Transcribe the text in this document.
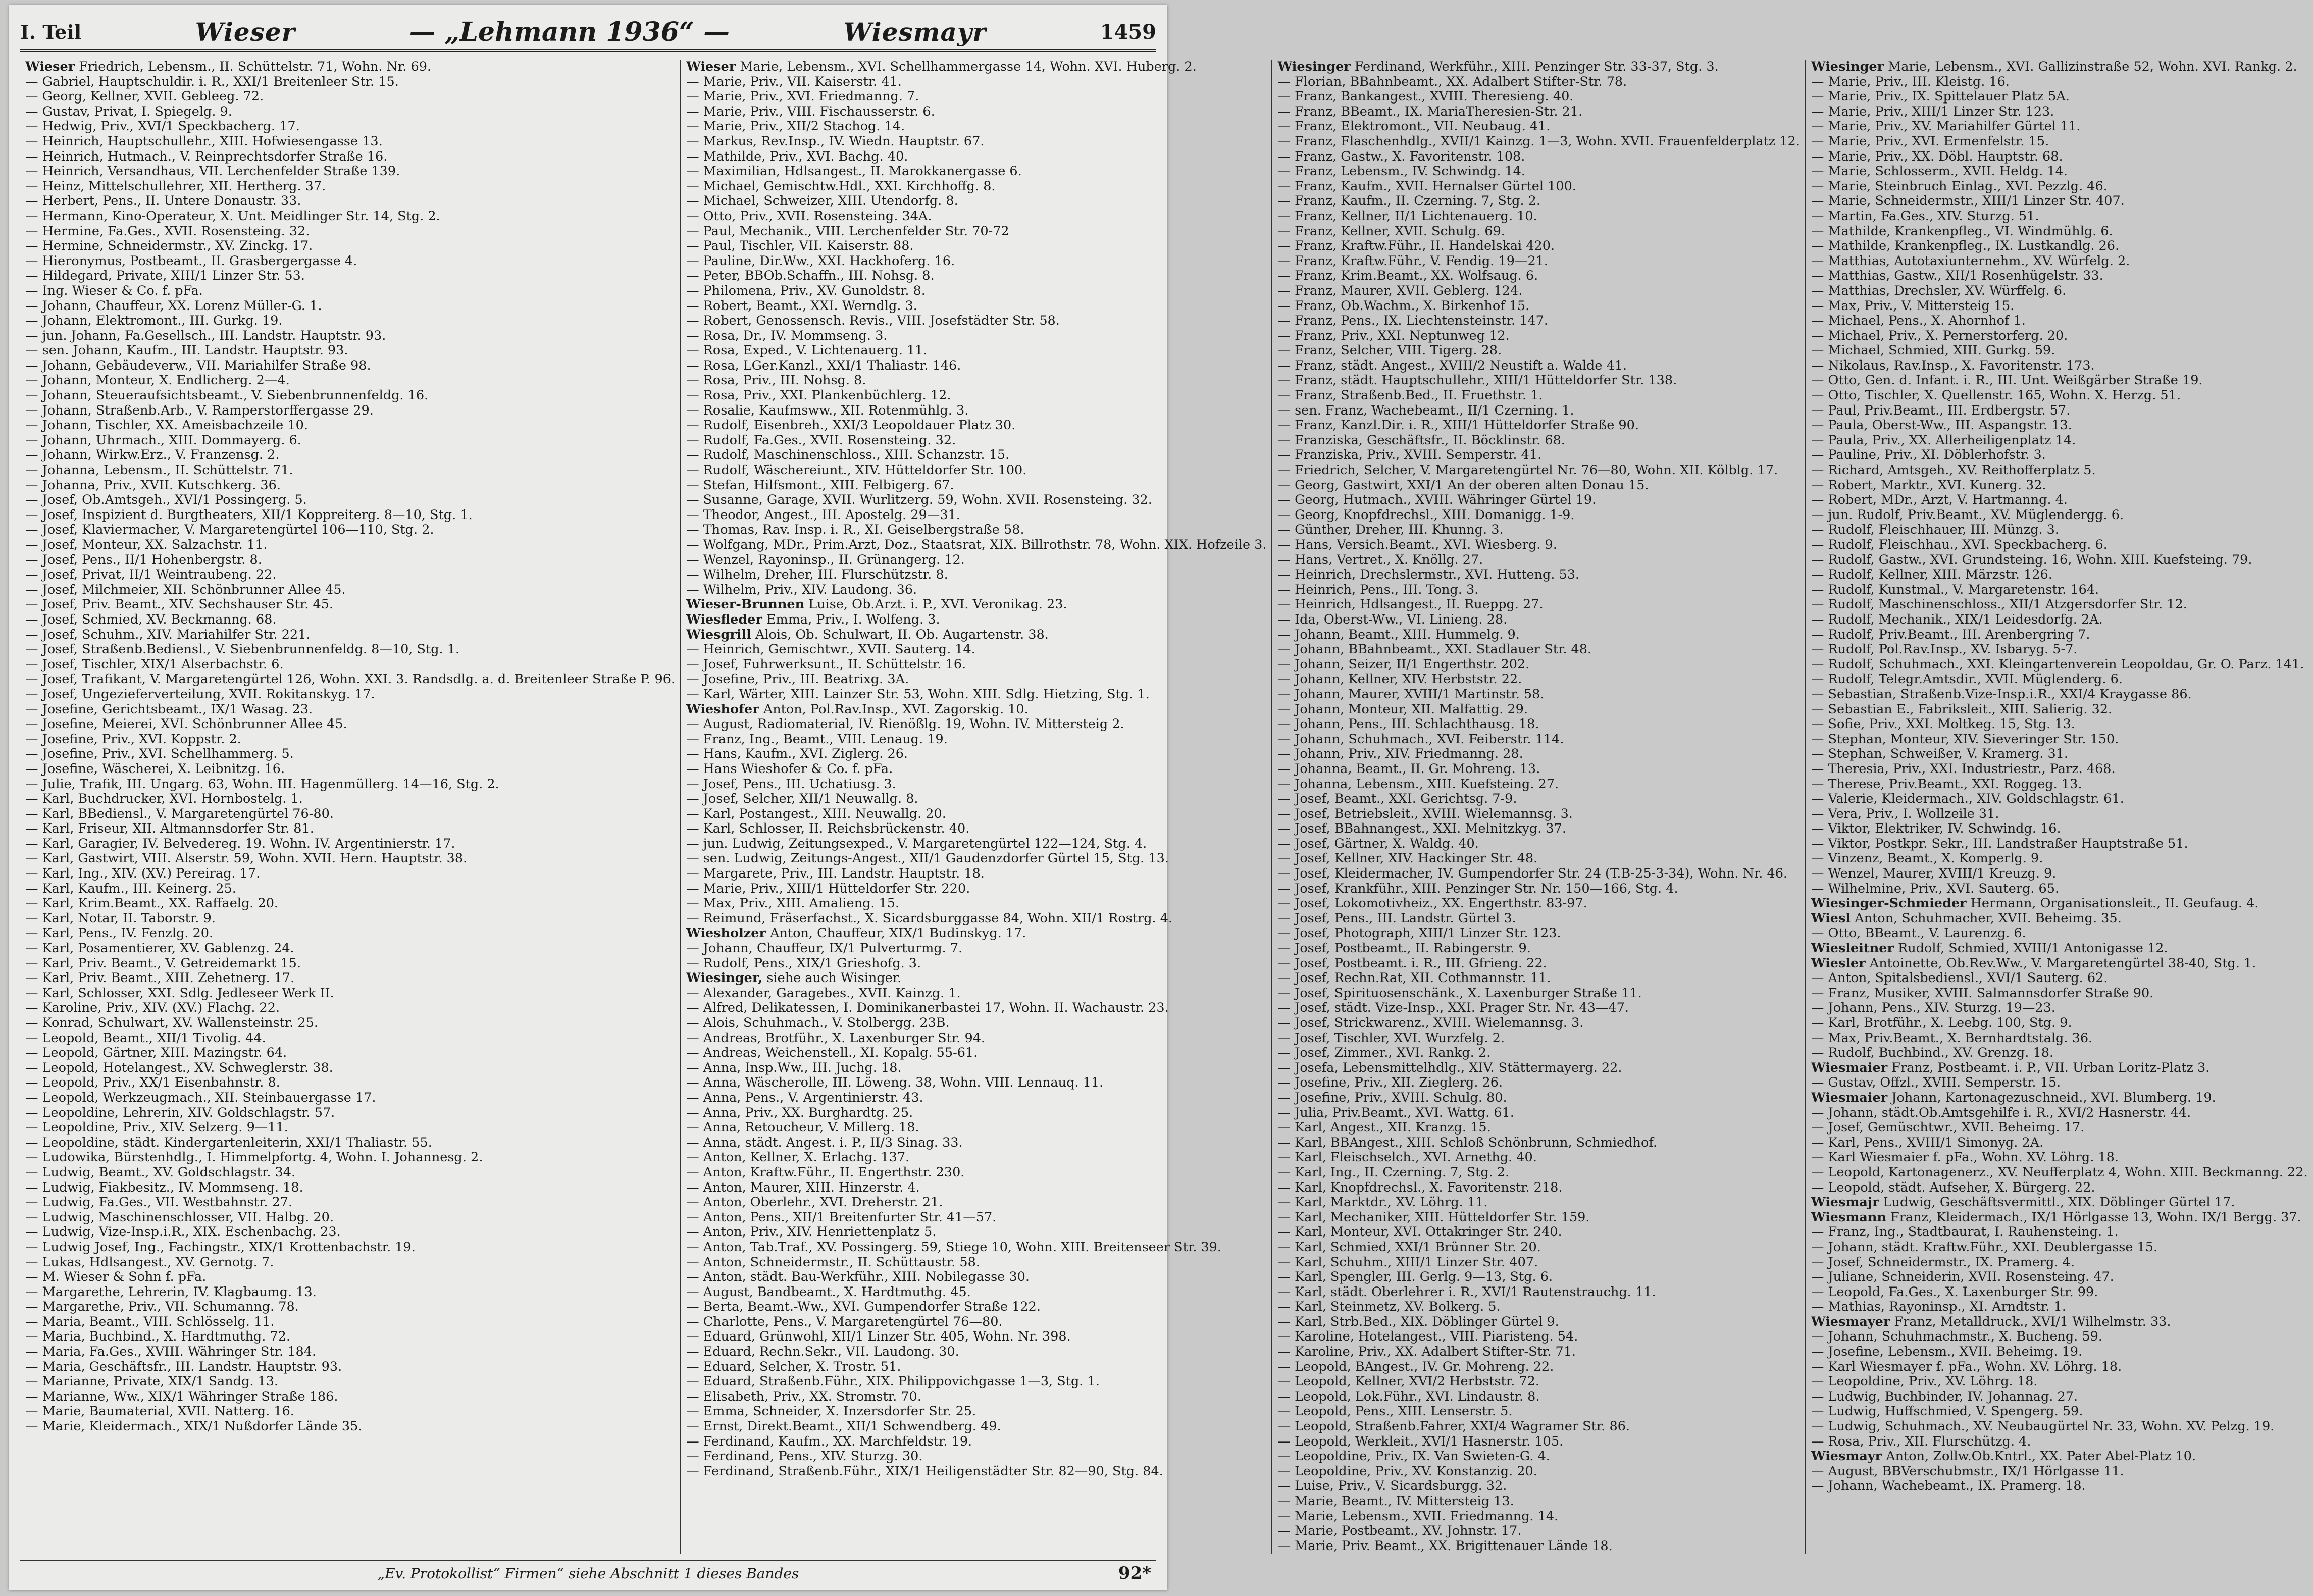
I. Teil	Wieser	— „Lehmann 1936“ —	Wiesmayr	1459

Wieser Friedrich, Lebensm., II. Schüttelstr. 71, Wohn. Nr. 69.

— Gabriel, Hauptschuldir. i. R., XXI/1 Breitenleer Str. 15.

— Georg, Kellner, XVII. Gebleeg. 72.

— Gustav, Privat, I. Spiegelg. 9.

— Hedwig, Priv., XVI/1 Speckbacherg. 17.

— Heinrich, Hauptschullehr., XIII. Hofwiesengasse 13.

— Heinrich, Hutmach., V. Reinprechtsdorfer Straße 16.

— Heinrich, Versandhaus, VII. Lerchenfelder Straße 139.

— Heinz, Mittelschullehrer, XII. Hertherg. 37.

— Herbert, Pens., II. Untere Donaustr. 33.

— Hermann, Kino-Operateur, X. Unt. Meidlinger Str. 14, Stg. 2.

— Hermine, Fa.Ges., XVII. Rosensteing. 32.

— Hermine, Schneidermstr., XV. Zinckg. 17.

— Hieronymus, Postbeamt., II. Grasbergergasse 4.

— Hildegard, Private, XIII/1 Linzer Str. 53.

— Ing. Wieser & Co. f. pFa.

— Johann, Chauffeur, XX. Lorenz Müller-G. 1.

— Johann, Elektromont., III. Gurkg. 19.

— jun. Johann, Fa.Gesellsch., III. Landstr. Hauptstr. 93.

— sen. Johann, Kaufm., III. Landstr. Hauptstr. 93.

— Johann, Gebäudeverw., VII. Mariahilfer Straße 98.

— Johann, Monteur, X. Endlicherg. 2—4.

— Johann, Steueraufsichtsbeamt., V. Siebenbrunnenfeldg. 16.

— Johann, Straßenb.Arb., V. Ramperstorffergasse 29.

— Johann, Tischler, XX. Ameisbachzeile 10.

— Johann, Uhrmach., XIII. Dommayerg. 6.

— Johann, Wirkw.Erz., V. Franzensg. 2.

— Johanna, Lebensm., II. Schüttelstr. 71.

— Johanna, Priv., XVII. Kutschkerg. 36.

— Josef, Ob.Amtsgeh., XVI/1 Possingerg. 5.

— Josef, Inspizient d. Burgtheaters, XII/1 Koppreiterg. 8—10, Stg. 1.

— Josef, Klaviermacher, V. Margaretengürtel 106—110, Stg. 2.

— Josef, Monteur, XX. Salzachstr. 11.

— Josef, Pens., II/1 Hohenbergstr. 8.

— Josef, Privat, II/1 Weintraubeng. 22.

— Josef, Milchmeier, XII. Schönbrunner Allee 45.

— Josef, Priv. Beamt., XIV. Sechshauser Str. 45.

— Josef, Schmied, XV. Beckmanng. 68.

— Josef, Schuhm., XIV. Mariahilfer Str. 221.

— Josef, Straßenb.Bediensl., V. Siebenbrunnenfeldg. 8—10, Stg. 1.

— Josef, Tischler, XIX/1 Alserbachstr. 6.

— Josef, Trafikant, V. Margaretengürtel 126, Wohn. XXI. 3. Randsdlg. a. d. Breitenleer Straße P. 96.

— Josef, Ungezieferverteilung, XVII. Rokitanskyg. 17.

— Josefine, Gerichtsbeamt., IX/1 Wasag. 23.

— Josefine, Meierei, XVI. Schönbrunner Allee 45.

— Josefine, Priv., XVI. Koppstr. 2.

— Josefine, Priv., XVI. Schellhammerg. 5.

— Josefine, Wäscherei, X. Leibnitzg. 16.

— Julie, Trafik, III. Ungarg. 63, Wohn. III. Hagenmüllerg. 14—16, Stg. 2.

— Karl, Buchdrucker, XVI. Hornbostelg. 1.

— Karl, BBediensl., V. Margaretengürtel 76-80.

— Karl, Friseur, XII. Altmannsdorfer Str. 81.

— Karl, Garagier, IV. Belvedereg. 19. Wohn. IV. Argentinierstr. 17.

— Karl, Gastwirt, VIII. Alserstr. 59, Wohn. XVII. Hern. Hauptstr. 38.

— Karl, Ing., XIV. (XV.) Pereirag. 17.

— Karl, Kaufm., III. Keinerg. 25.

— Karl, Krim.Beamt., XX. Raffaelg. 20.

— Karl, Notar, II. Taborstr. 9.

— Karl, Pens., IV. Fenzlg. 20.

— Karl, Posamentierer, XV. Gablenzg. 24.

— Karl, Priv. Beamt., V. Getreidemarkt 15.

— Karl, Priv. Beamt., XIII. Zehetnerg. 17.

— Karl, Schlosser, XXI. Sdlg. Jedleseer Werk II.

— Karoline, Priv., XIV. (XV.) Flachg. 22.

— Konrad, Schulwart, XV. Wallensteinstr. 25.

— Leopold, Beamt., XII/1 Tivolig. 44.

— Leopold, Gärtner, XIII. Mazingstr. 64.

— Leopold, Hotelangest., XV. Schweglerstr. 38.

— Leopold, Priv., XX/1 Eisenbahnstr. 8.

— Leopold, Werkzeugmach., XII. Steinbauergasse 17.

— Leopoldine, Lehrerin, XIV. Goldschlagstr. 57.

— Leopoldine, Priv., XIV. Selzerg. 9—11.

— Leopoldine, städt. Kindergartenleiterin, XXI/1 Thaliastr. 55.

— Ludowika, Bürstenhdlg., I. Himmelpfortg. 4, Wohn. I. Johannesg. 2.

— Ludwig, Beamt., XV. Goldschlagstr. 34.

— Ludwig, Fiakbesitz., IV. Mommseng. 18.

— Ludwig, Fa.Ges., VII. Westbahnstr. 27.

— Ludwig, Maschinenschlosser, VII. Halbg. 20.

— Ludwig, Vize-Insp.i.R., XIX. Eschenbachg. 23.

— Ludwig Josef, Ing., Fachingstr., XIX/1 Krottenbachstr. 19.

— Lukas, Hdlsangest., XV. Gernotg. 7.

— M. Wieser & Sohn f. pFa.

— Margarethe, Lehrerin, IV. Klagbaumg. 13.

— Margarethe, Priv., VII. Schumanng. 78.

— Maria, Beamt., VIII. Schlösselg. 11.

— Maria, Buchbind., X. Hardtmuthg. 72.

— Maria, Fa.Ges., XVIII. Währinger Str. 184.

— Maria, Geschäftsfr., III. Landstr. Hauptstr. 93.

— Marianne, Private, XIX/1 Sandg. 13.

— Marianne, Ww., XIX/1 Währinger Straße 186.

— Marie, Baumaterial, XVII. Natterg. 16.

— Marie, Kleidermach., XIX/1 Nußdorfer Lände 35.

Wieser Marie, Lebensm., XVI. Schellhammergasse 14, Wohn. XVI. Huberg. 2.

— Marie, Priv., VII. Kaiserstr. 41.

— Marie, Priv., XVI. Friedmanng. 7.

— Marie, Priv., VIII. Fischausserstr. 6.

— Marie, Priv., XII/2 Stachog. 14.

— Markus, Rev.Insp., IV. Wiedn. Hauptstr. 67.

— Mathilde, Priv., XVI. Bachg. 40.

— Maximilian, Hdlsangest., II. Marokkanergasse 6.

— Michael, Gemischtw.Hdl., XXI. Kirchhoffg. 8.

— Michael, Schweizer, XIII. Utendorfg. 8.

— Otto, Priv., XVII. Rosensteing. 34A.

— Paul, Mechanik., VIII. Lerchenfelder Str. 70-72

— Paul, Tischler, VII. Kaiserstr. 88.

— Pauline, Dir.Ww., XXI. Hackhoferg. 16.

— Peter, BBOb.Schaffn., III. Nohsg. 8.

— Philomena, Priv., XV. Gunoldstr. 8.

— Robert, Beamt., XXI. Werndlg. 3.

— Robert, Genossensch. Revis., VIII. Josefstädter Str. 58.

— Rosa, Dr., IV. Mommseng. 3.

— Rosa, Exped., V. Lichtenauerg. 11.

— Rosa, LGer.Kanzl., XXI/1 Thaliastr. 146.

— Rosa, Priv., III. Nohsg. 8.

— Rosa, Priv., XXI. Plankenbüchlerg. 12.

— Rosalie, Kaufmsww., XII. Rotenmühlg. 3.

— Rudolf, Eisenbreh., XXI/3 Leopoldauer Platz 30.

— Rudolf, Fa.Ges., XVII. Rosensteing. 32.

— Rudolf, Maschinenschloss., XIII. Schanzstr. 15.

— Rudolf, Wäschereiunt., XIV. Hütteldorfer Str. 100.

— Stefan, Hilfsmont., XIII. Felbigerg. 67.

— Susanne, Garage, XVII. Wurlitzerg. 59, Wohn. XVII. Rosensteing. 32.

— Theodor, Angest., III. Apostelg. 29—31.

— Thomas, Rav. Insp. i. R., XI. Geiselbergstraße 58.

— Wolfgang, MDr., Prim.Arzt, Doz., Staatsrat, XIX. Billrothstr. 78, Wohn. XIX. Hofzeile 3.

— Wenzel, Rayoninsp., II. Grünangerg. 12.

— Wilhelm, Dreher, III. Flurschützstr. 8.

— Wilhelm, Priv., XIV. Laudong. 36.

Wieser-Brunnen Luise, Ob.Arzt. i. P., XVI. Veronikag. 23.

Wiesfleder Emma, Priv., I. Wolfeng. 3.

Wiesgrill Alois, Ob. Schulwart, II. Ob. Augartenstr. 38.

— Heinrich, Gemischtwr., XVII. Sauterg. 14.

— Josef, Fuhrwerksunt., II. Schüttelstr. 16.

— Josefine, Priv., III. Beatrixg. 3A.

— Karl, Wärter, XIII. Lainzer Str. 53, Wohn. XIII. Sdlg. Hietzing, Stg. 1.

Wieshofer Anton, Pol.Rav.Insp., XVI. Zagorskig. 10.

— August, Radiomaterial, IV. Rienößlg. 19, Wohn. IV. Mittersteig 2.

— Franz, Ing., Beamt., VIII. Lenaug. 19.

— Hans, Kaufm., XVI. Ziglerg. 26.

— Hans Wieshofer & Co. f. pFa.

— Josef, Pens., III. Uchatiusg. 3.

— Josef, Selcher, XII/1 Neuwallg. 8.

— Karl, Postangest., XIII. Neuwallg. 20.

— Karl, Schlosser, II. Reichsbrückenstr. 40.

— jun. Ludwig, Zeitungsexped., V. Margaretengürtel 122—124, Stg. 4.

— sen. Ludwig, Zeitungs-Angest., XII/1 Gaudenzdorfer Gürtel 15, Stg. 13.

— Margarete, Priv., III. Landstr. Hauptstr. 18.

— Marie, Priv., XIII/1 Hütteldorfer Str. 220.

— Max, Priv., XIII. Amalieng. 15.

— Reimund, Fräserfachst., X. Sicardsburggasse 84, Wohn. XII/1 Rostrg. 4.

Wiesholzer Anton, Chauffeur, XIX/1 Budinskyg. 17.

— Johann, Chauffeur, IX/1 Pulverturmg. 7.

— Rudolf, Pens., XIX/1 Grieshofg. 3.

Wiesinger, siehe auch Wisinger.

— Alexander, Garagebes., XVII. Kainzg. 1.

— Alfred, Delikatessen, I. Dominikanerbastei 17, Wohn. II. Wachaustr. 23.

— Alois, Schuhmach., V. Stolbergg. 23B.

— Andreas, Brotführ., X. Laxenburger Str. 94.

— Andreas, Weichenstell., XI. Kopalg. 55-61.

— Anna, Insp.Ww., III. Juchg. 18.

— Anna, Wäscherolle, III. Löweng. 38, Wohn. VIII. Lennauq. 11.

— Anna, Pens., V. Argentinierstr. 43.

— Anna, Priv., XX. Burghardtg. 25.

— Anna, Retoucheur, V. Millerg. 18.

— Anna, städt. Angest. i. P., II/3 Sinag. 33.

— Anton, Kellner, X. Erlachg. 137.

— Anton, Kraftw.Führ., II. Engerthstr. 230.

— Anton, Maurer, XIII. Hinzerstr. 4.

— Anton, Oberlehr., XVI. Dreherstr. 21.

— Anton, Pens., XII/1 Breitenfurter Str. 41—57.

— Anton, Priv., XIV. Henriettenplatz 5.

— Anton, Tab.Traf., XV. Possingerg. 59, Stiege 10, Wohn. XIII. Breitenseer Str. 39.

— Anton, Schneidermstr., II. Schüttaustr. 58.

— Anton, städt. Bau-Werkführ., XIII. Nobilegasse 30.

— August, Bandbeamt., X. Hardtmuthg. 45.

— Berta, Beamt.-Ww., XVI. Gumpendorfer Straße 122.

— Charlotte, Pens., V. Margaretengürtel 76—80.

— Eduard, Grünwohl, XII/1 Linzer Str. 405, Wohn. Nr. 398.

— Eduard, Rechn.Sekr., VII. Laudong. 30.

— Eduard, Selcher, X. Trostr. 51.

— Eduard, Straßenb.Führ., XIX. Philippovichgasse 1—3, Stg. 1.

— Elisabeth, Priv., XX. Stromstr. 70.

— Emma, Schneider, X. Inzersdorfer Str. 25.

— Ernst, Direkt.Beamt., XII/1 Schwendberg. 49.

— Ferdinand, Kaufm., XX. Marchfeldstr. 19.

— Ferdinand, Pens., XIV. Sturzg. 30.

— Ferdinand, Straßenb.Führ., XIX/1 Heiligenstädter Str. 82—90, Stg. 84.

Wiesinger Ferdinand, Werkführ., XIII. Penzinger Str. 33-37, Stg. 3.

— Florian, BBahnbeamt., XX. Adalbert Stifter-Str. 78.

— Franz, Bankangest., XVIII. Theresieng. 40.

— Franz, BBeamt., IX. MariaTheresien-Str. 21.

— Franz, Elektromont., VII. Neubaug. 41.

— Franz, Flaschenhdlg., XVII/1 Kainzg. 1—3, Wohn. XVII. Frauenfelderplatz 12.

— Franz, Gastw., X. Favoritenstr. 108.

— Franz, Lebensm., IV. Schwindg. 14.

— Franz, Kaufm., XVII. Hernalser Gürtel 100.

— Franz, Kaufm., II. Czerning. 7, Stg. 2.

— Franz, Kellner, II/1 Lichtenauerg. 10.

— Franz, Kellner, XVII. Schulg. 69.

— Franz, Kraftw.Führ., II. Handelskai 420.

— Franz, Kraftw.Führ., V. Fendig. 19—21.

— Franz, Krim.Beamt., XX. Wolfsaug. 6.

— Franz, Maurer, XVII. Geblerg. 124.

— Franz, Ob.Wachm., X. Birkenhof 15.

— Franz, Pens., IX. Liechtensteinstr. 147.

— Franz, Priv., XXI. Neptunweg 12.

— Franz, Selcher, VIII. Tigerg. 28.

— Franz, städt. Angest., XVIII/2 Neustift a. Walde 41.

— Franz, städt. Hauptschullehr., XIII/1 Hütteldorfer Str. 138.

— Franz, Straßenb.Bed., II. Fruethstr. 1.

— sen. Franz, Wachebeamt., II/1 Czerning. 1.

— Franz, Kanzl.Dir. i. R., XIII/1 Hütteldorfer Straße 90.

— Franziska, Geschäftsfr., II. Böcklinstr. 68.

— Franziska, Priv., XVIII. Semperstr. 41.

— Friedrich, Selcher, V. Margaretengürtel Nr. 76—80, Wohn. XII. Kölblg. 17.

— Georg, Gastwirt, XXI/1 An der oberen alten Donau 15.

— Georg, Hutmach., XVIII. Währinger Gürtel 19.

— Georg, Knopfdrechsl., XIII. Domanigg. 1-9.

— Günther, Dreher, III. Khunng. 3.

— Hans, Versich.Beamt., XVI. Wiesberg. 9.

— Hans, Vertret., X. Knöllg. 27.

— Heinrich, Drechslermstr., XVI. Hutteng. 53.

— Heinrich, Pens., III. Tong. 3.

— Heinrich, Hdlsangest., II. Rueppg. 27.

— Ida, Oberst-Ww., VI. Linieng. 28.

— Johann, Beamt., XIII. Hummelg. 9.

— Johann, BBahnbeamt., XXI. Stadlauer Str. 48.

— Johann, Seizer, II/1 Engerthstr. 202.

— Johann, Kellner, XIV. Herbststr. 22.

— Johann, Maurer, XVIII/1 Martinstr. 58.

— Johann, Monteur, XII. Malfattig. 29.

— Johann, Pens., III. Schlachthausg. 18.

— Johann, Schuhmach., XVI. Feiberstr. 114.

— Johann, Priv., XIV. Friedmanng. 28.

— Johanna, Beamt., II. Gr. Mohreng. 13.

— Johanna, Lebensm., XIII. Kuefsteing. 27.

— Josef, Beamt., XXI. Gerichtsg. 7-9.

— Josef, Betriebsleit., XVIII. Wielemannsg. 3.

— Josef, BBahnangest., XXI. Melnitzkyg. 37.

— Josef, Gärtner, X. Waldg. 40.

— Josef, Kellner, XIV. Hackinger Str. 48.

— Josef, Kleidermacher, IV. Gumpendorfer Str. 24 (T.B-25-3-34), Wohn. Nr. 46.

— Josef, Krankführ., XIII. Penzinger Str. Nr. 150—166, Stg. 4.

— Josef, Lokomotivheiz., XX. Engerthstr. 83-97.

— Josef, Pens., III. Landstr. Gürtel 3.

— Josef, Photograph, XIII/1 Linzer Str. 123.

— Josef, Postbeamt., II. Rabingerstr. 9.

— Josef, Postbeamt. i. R., III. Gfrieng. 22.

— Josef, Rechn.Rat, XII. Cothmannstr. 11.

— Josef, Spirituosenschänk., X. Laxenburger Straße 11.

— Josef, städt. Vize-Insp., XXI. Prager Str. Nr. 43—47.

— Josef, Strickwarenz., XVIII. Wielemannsg. 3.

— Josef, Tischler, XVI. Wurzfelg. 2.

— Josef, Zimmer., XVI. Rankg. 2.

— Josefa, Lebensmittelhdlg., XIV. Stättermayerg. 22.

— Josefine, Priv., XII. Zieglerg. 26.

— Josefine, Priv., XVIII. Schulg. 80.

— Julia, Priv.Beamt., XVI. Wattg. 61.

— Karl, Angest., XII. Kranzg. 15.

— Karl, BBAngest., XIII. Schloß Schönbrunn, Schmiedhof.

— Karl, Fleischselch., XVI. Arnethg. 40.

— Karl, Ing., II. Czerning. 7, Stg. 2.

— Karl, Knopfdrechsl., X. Favoritenstr. 218.

— Karl, Marktdr., XV. Löhrg. 11.

— Karl, Mechaniker, XIII. Hütteldorfer Str. 159.

— Karl, Monteur, XVI. Ottakringer Str. 240.

— Karl, Schmied, XXI/1 Brünner Str. 20.

— Karl, Schuhm., XIII/1 Linzer Str. 407.

— Karl, Spengler, III. Gerlg. 9—13, Stg. 6.

— Karl, städt. Oberlehrer i. R., XVI/1 Rautenstrauchg. 11.

— Karl, Steinmetz, XV. Bolkerg. 5.

— Karl, Strb.Bed., XIX. Döblinger Gürtel 9.

— Karoline, Hotelangest., VIII. Piaristeng. 54.

— Karoline, Priv., XX. Adalbert Stifter-Str. 71.

— Leopold, BAngest., IV. Gr. Mohreng. 22.

— Leopold, Kellner, XVI/2 Herbststr. 72.

— Leopold, Lok.Führ., XVI. Lindaustr. 8.

— Leopold, Pens., XIII. Lenserstr. 5.

— Leopold, Straßenb.Fahrer, XXI/4 Wagramer Str. 86.

— Leopold, Werkleit., XVI/1 Hasnerstr. 105.

— Leopoldine, Priv., IX. Van Swieten-G. 4.

— Leopoldine, Priv., XV. Konstanzig. 20.

— Luise, Priv., V. Sicardsburgg. 32.

— Marie, Beamt., IV. Mittersteig 13.

— Marie, Lebensm., XVII. Friedmanng. 14.

— Marie, Postbeamt., XV. Johnstr. 17.

— Marie, Priv. Beamt., XX. Brigittenauer Lände 18.

Wiesinger Marie, Lebensm., XVI. Gallizinstraße 52, Wohn. XVI. Rankg. 2.

— Marie, Priv., III. Kleistg. 16.

— Marie, Priv., IX. Spittelauer Platz 5A.

— Marie, Priv., XIII/1 Linzer Str. 123.

— Marie, Priv., XV. Mariahilfer Gürtel 11.

— Marie, Priv., XVI. Ermenfelstr. 15.

— Marie, Priv., XX. Döbl. Hauptstr. 68.

— Marie, Schlosserm., XVII. Heldg. 14.

— Marie, Steinbruch Einlag., XVI. Pezzlg. 46.

— Marie, Schneidermstr., XIII/1 Linzer Str. 407.

— Martin, Fa.Ges., XIV. Sturzg. 51.

— Mathilde, Krankenpfleg., VI. Windmühlg. 6.

— Mathilde, Krankenpfleg., IX. Lustkandlg. 26.

— Matthias, Autotaxiunternehm., XV. Würfelg. 2.

— Matthias, Gastw., XII/1 Rosenhügelstr. 33.

— Matthias, Drechsler, XV. Würffelg. 6.

— Max, Priv., V. Mittersteig 15.

— Michael, Pens., X. Ahornhof 1.

— Michael, Priv., X. Pernerstorferg. 20.

— Michael, Schmied, XIII. Gurkg. 59.

— Nikolaus, Rav.Insp., X. Favoritenstr. 173.

— Otto, Gen. d. Infant. i. R., III. Unt. Weißgärber Straße 19.

— Otto, Tischler, X. Quellenstr. 165, Wohn. X. Herzg. 51.

— Paul, Priv.Beamt., III. Erdbergstr. 57.

— Paula, Oberst-Ww., III. Aspangstr. 13.

— Paula, Priv., XX. Allerheiligenplatz 14.

— Pauline, Priv., XI. Döblerhofstr. 3.

— Richard, Amtsgeh., XV. Reithofferplatz 5.

— Robert, Marktr., XVI. Kunerg. 32.

— Robert, MDr., Arzt, V. Hartmanng. 4.

— jun. Rudolf, Priv.Beamt., XV. Müglendergg. 6.

— Rudolf, Fleischhauer, III. Münzg. 3.

— Rudolf, Fleischhau., XVI. Speckbacherg. 6.

— Rudolf, Gastw., XVI. Grundsteing. 16, Wohn. XIII. Kuefsteing. 79.

— Rudolf, Kellner, XIII. Märzstr. 126.

— Rudolf, Kunstmal., V. Margaretenstr. 164.

— Rudolf, Maschinenschloss., XII/1 Atzgersdorfer Str. 12.

— Rudolf, Mechanik., XIX/1 Leidesdorfg. 2A.

— Rudolf, Priv.Beamt., III. Arenbergring 7.

— Rudolf, Pol.Rav.Insp., XV. Isbaryg. 5-7.

— Rudolf, Schuhmach., XXI. Kleingartenverein Leopoldau, Gr. O. Parz. 141.

— Rudolf, Telegr.Amtsdir., XVII. Müglenderg. 6.

— Sebastian, Straßenb.Vize-Insp.i.R., XXI/4 Kraygasse 86.

— Sebastian E., Fabriksleit., XIII. Salierig. 32.

— Sofie, Priv., XXI. Moltkeg. 15, Stg. 13.

— Stephan, Monteur, XIV. Sieveringer Str. 150.

— Stephan, Schweißer, V. Kramerg. 31.

— Theresia, Priv., XXI. Industriestr., Parz. 468.

— Therese, Priv.Beamt., XXI. Roggeg. 13.

— Valerie, Kleidermach., XIV. Goldschlagstr. 61.

— Vera, Priv., I. Wollzeile 31.

— Viktor, Elektriker, IV. Schwindg. 16.

— Viktor, Postkpr. Sekr., III. Landstraßer Hauptstraße 51.

— Vinzenz, Beamt., X. Komperlg. 9.

— Wenzel, Maurer, XVIII/1 Kreuzg. 9.

— Wilhelmine, Priv., XVI. Sauterg. 65.

Wiesinger-Schmieder Hermann, Organisationsleit., II. Geufaug. 4.

Wiesl Anton, Schuhmacher, XVII. Beheimg. 35.

— Otto, BBeamt., V. Laurenzg. 6.

Wiesleitner Rudolf, Schmied, XVIII/1 Antonigasse 12.

Wiesler Antoinette, Ob.Rev.Ww., V. Margaretengürtel 38-40, Stg. 1.

— Anton, Spitalsbediensl., XVI/1 Sauterg. 62.

— Franz, Musiker, XVIII. Salmannsdorfer Straße 90.

— Johann, Pens., XIV. Sturzg. 19—23.

— Karl, Brotführ., X. Leebg. 100, Stg. 9.

— Max, Priv.Beamt., X. Bernhardtstalg. 36.

— Rudolf, Buchbind., XV. Grenzg. 18.

Wiesmaier Franz, Postbeamt. i. P., VII. Urban Loritz-Platz 3.

— Gustav, Offzl., XVIII. Semperstr. 15.

Wiesmaier Johann, Kartonagezuschneid., XVI. Blumberg. 19.

— Johann, städt.Ob.Amtsgehilfe i. R., XVI/2 Hasnerstr. 44.

— Josef, Gemüschtwr., XVII. Beheimg. 17.

— Karl, Pens., XVIII/1 Simonyg. 2A.

— Karl Wiesmaier f. pFa., Wohn. XV. Löhrg. 18.

— Leopold, Kartonagenerz., XV. Neufferplatz 4, Wohn. XIII. Beckmanng. 22.

— Leopold, städt. Aufseher, X. Bürgerg. 22.

Wiesmajr Ludwig, Geschäftsvermittl., XIX. Döblinger Gürtel 17.

Wiesmann Franz, Kleidermach., IX/1 Hörlgasse 13, Wohn. IX/1 Bergg. 37.

— Franz, Ing., Stadtbaurat, I. Rauhensteing. 1.

— Johann, städt. Kraftw.Führ., XXI. Deublergasse 15.

— Josef, Schneidermstr., IX. Pramerg. 4.

— Juliane, Schneiderin, XVII. Rosensteing. 47.

— Leopold, Fa.Ges., X. Laxenburger Str. 99.

— Mathias, Rayoninsp., XI. Arndtstr. 1.

Wiesmayer Franz, Metalldruck., XVI/1 Wilhelmstr. 33.

— Johann, Schuhmachmstr., X. Bucheng. 59.

— Josefine, Lebensm., XVII. Beheimg. 19.

— Karl Wiesmayer f. pFa., Wohn. XV. Löhrg. 18.

— Leopoldine, Priv., XV. Löhrg. 18.

— Ludwig, Buchbinder, IV. Johannag. 27.

— Ludwig, Huffschmied, V. Spengerg. 59.

— Ludwig, Schuhmach., XV. Neubaugürtel Nr. 33, Wohn. XV. Pelzg. 19.

— Rosa, Priv., XII. Flurschützg. 4.

Wiesmayr Anton, Zollw.Ob.Kntrl., XX. Pater Abel-Platz 10.

— August, BBVerschubmstr., IX/1 Hörlgasse 11.

— Johann, Wachebeamt., IX. Pramerg. 18.

„Ev. Protokollist“ Firmen“ siehe Abschnitt 1 dieses Bandes	92*
